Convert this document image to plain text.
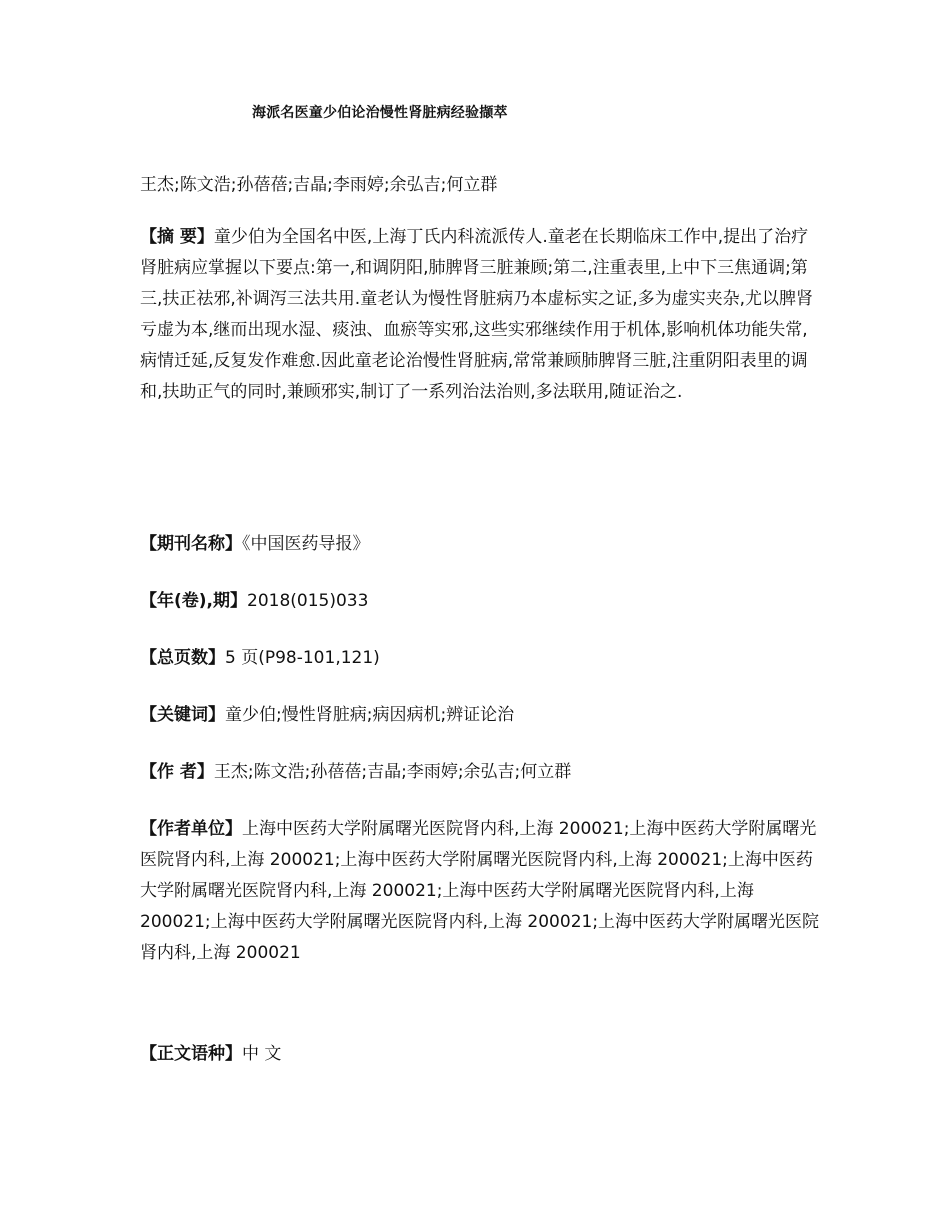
海派名医童少伯论治慢性肾脏病经验撷萃
王杰;陈文浩;孙蓓蓓;吉晶;李雨婷;余弘吉;何立群
【摘 要】童少伯为全国名中医,上海丁氏内科流派传人.童老在长期临床工作中,提出了治疗肾脏病应掌握以下要点:第一,和调阴阳,肺脾肾三脏兼顾;第二,注重表里,上中下三焦通调;第三,扶正祛邪,补调泻三法共用.童老认为慢性肾脏病乃本虚标实之证,多为虚实夹杂,尤以脾肾亏虚为本,继而出现水湿、痰浊、血瘀等实邪,这些实邪继续作用于机体,影响机体功能失常,病情迁延,反复发作难愈.因此童老论治慢性肾脏病,常常兼顾肺脾肾三脏,注重阴阳表里的调和,扶助正气的同时,兼顾邪实,制订了一系列治法治则,多法联用,随证治之.
【期刊名称】《中国医药导报》
【年(卷),期】2018(015)033
【总页数】5 页(P98-101,121)
【关键词】童少伯;慢性肾脏病;病因病机;辨证论治
【作 者】王杰;陈文浩;孙蓓蓓;吉晶;李雨婷;余弘吉;何立群
【作者单位】上海中医药大学附属曙光医院肾内科,上海 200021;上海中医药大学附属曙光医院肾内科,上海 200021;上海中医药大学附属曙光医院肾内科,上海 200021;上海中医药大学附属曙光医院肾内科,上海 200021;上海中医药大学附属曙光医院肾内科,上海 200021;上海中医药大学附属曙光医院肾内科,上海 200021;上海中医药大学附属曙光医院肾内科,上海 200021
【正文语种】中 文
